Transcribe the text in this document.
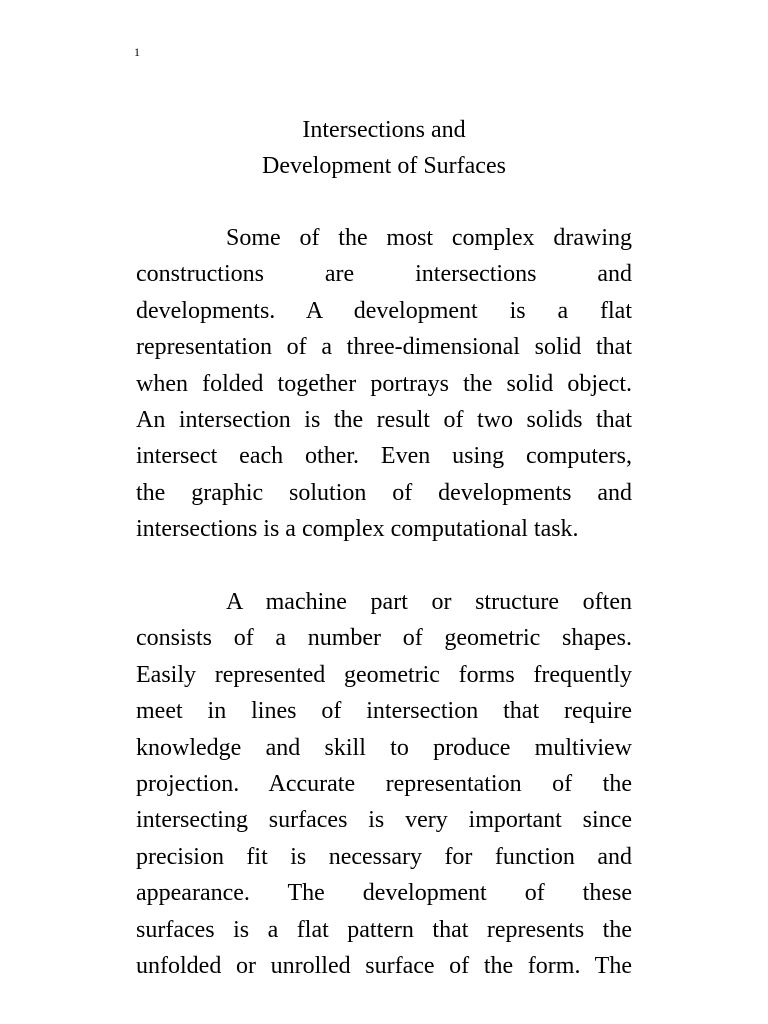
1
Intersections and
Development of Surfaces
Some of the most complex drawing
constructions are intersections and
developments. A development is a flat
representation of a three-dimensional solid that
when folded together portrays the solid object.
An intersection is the result of two solids that
intersect each other. Even using computers,
the graphic solution of developments and
intersections is a complex computational task.
A machine part or structure often
consists of a number of geometric shapes.
Easily represented geometric forms frequently
meet in lines of intersection that require
knowledge and skill to produce multiview
projection. Accurate representation of the
intersecting surfaces is very important since
precision fit is necessary for function and
appearance. The development of these
surfaces is a flat pattern that represents the
unfolded or unrolled surface of the form. The
